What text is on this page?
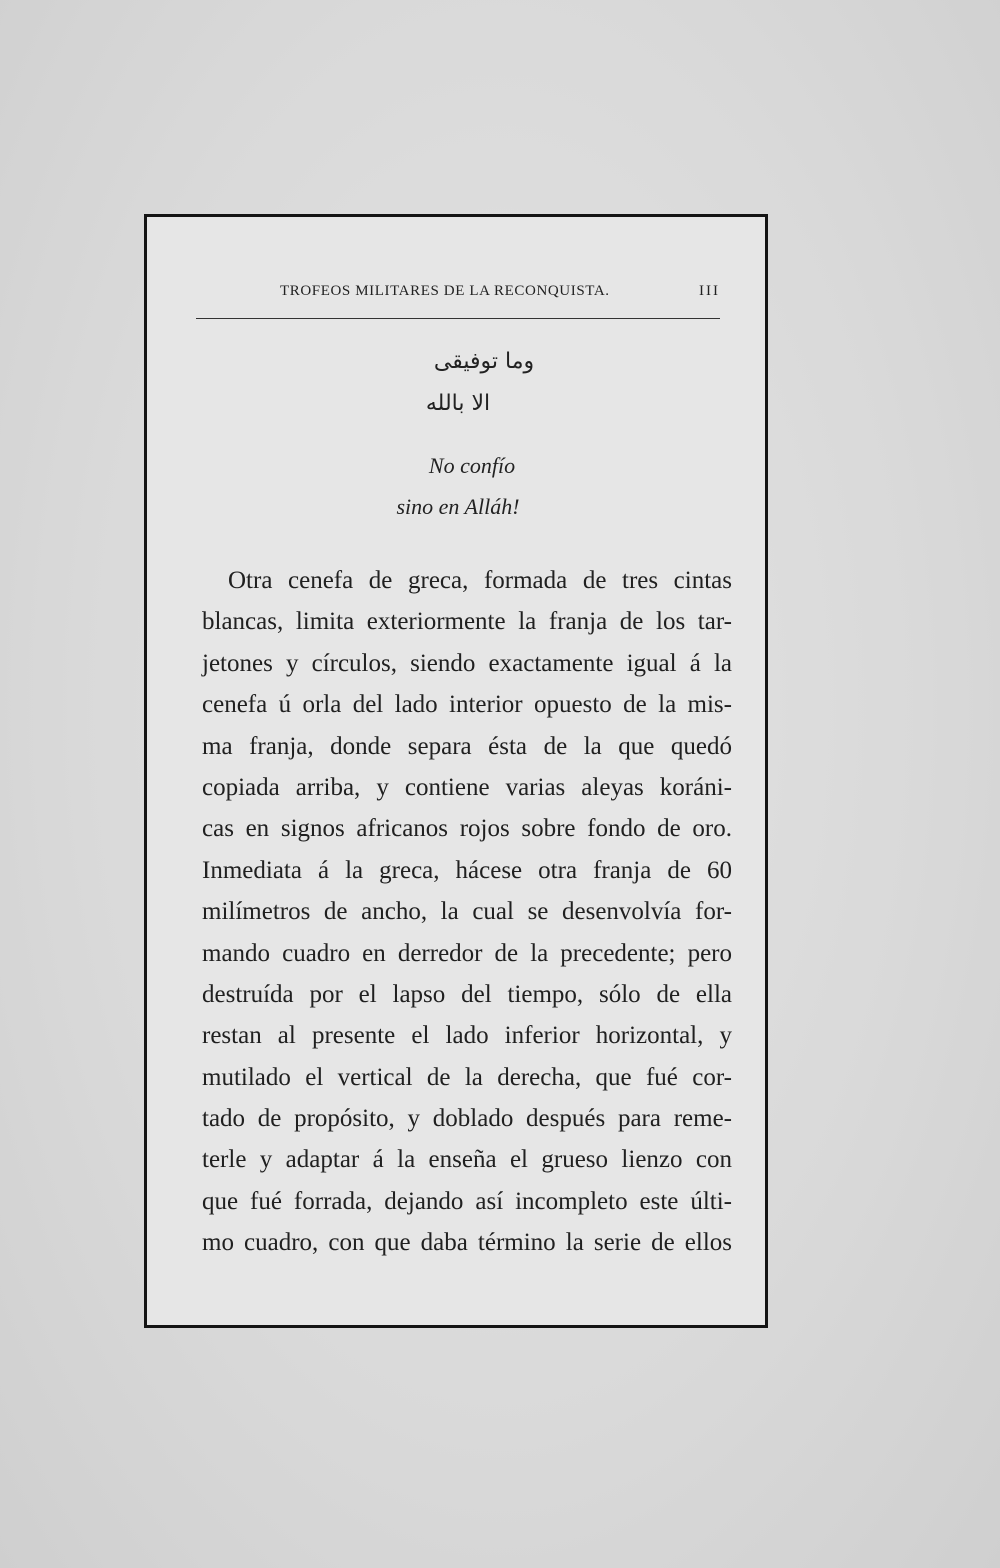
TROFEOS MILITARES DE LA RECONQUISTA.	III
وما توفيقى
الا بالله
No confío
sino en Alláh!
Otra cenefa de greca, formada de tres cintas
blancas, limita exteriormente la franja de los tar-
jetones y círculos, siendo exactamente igual á la
cenefa ú orla del lado interior opuesto de la mis-
ma franja, donde separa ésta de la que quedó
copiada arriba, y contiene varias aleyas koráni-
cas en signos africanos rojos sobre fondo de oro.
Inmediata á la greca, hácese otra franja de 60
milímetros de ancho, la cual se desenvolvía for-
mando cuadro en derredor de la precedente; pero
destruída por el lapso del tiempo, sólo de ella
restan al presente el lado inferior horizontal, y
mutilado el vertical de la derecha, que fué cor-
tado de propósito, y doblado después para reme-
terle y adaptar á la enseña el grueso lienzo con
que fué forrada, dejando así incompleto este últi-
mo cuadro, con que daba término la serie de ellos
